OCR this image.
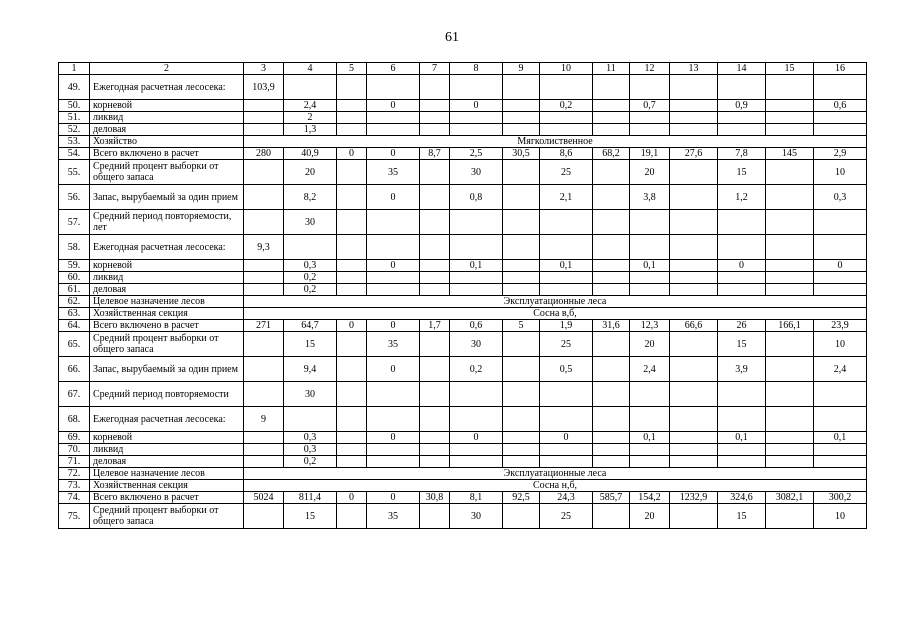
61
1	2	3	4	5	6	7	8	9	10	11	12	13	14	15	16
49.	Ежегодная расчетная лесосека:	103,9													
50.	корневой		2,4		0		0		0,2		0,7		0,9		0,6
51.	ликвид		2												
52.	деловая		1,3												
53.	Хозяйство	Мягколиственное													
54.	Всего включено в расчет	280	40,9	0	0	8,7	2,5	30,5	8,6	68,2	19,1	27,6	7,8	145	2,9
55.	Средний процент выборки от общего запаса		20		35		30		25		20		15		10
56.	Запас, вырубаемый за один прием		8,2		0		0,8		2,1		3,8		1,2		0,3
57.	Средний период повторяемости, лет		30												
58.	Ежегодная расчетная лесосека:	9,3													
59.	корневой		0,3		0		0,1		0,1		0,1		0		0
60.	ликвид		0,2												
61.	деловая		0,2												
62.	Целевое назначение лесов	Эксплуатационные леса													
63.	Хозяйственная секция	Сосна в,б,													
64.	Всего включено в расчет	271	64,7	0	0	1,7	0,6	5	1,9	31,6	12,3	66,6	26	166,1	23,9
65.	Средний процент выборки от общего запаса		15		35		30		25		20		15		10
66.	Запас, вырубаемый за один прием		9,4		0		0,2		0,5		2,4		3,9		2,4
67.	Средний период повторяемости		30												
68.	Ежегодная расчетная лесосека:	9													
69.	корневой		0,3		0		0		0		0,1		0,1		0,1
70.	ликвид		0,3												
71.	деловая		0,2												
72.	Целевое назначение лесов	Эксплуатационные леса													
73.	Хозяйственная секция	Сосна н,б,													
74.	Всего включено в расчет	5024	811,4	0	0	30,8	8,1	92,5	24,3	585,7	154,2	1232,9	324,6	3082,1	300,2
75.	Средний процент выборки от общего запаса		15		35		30		25		20		15		10
